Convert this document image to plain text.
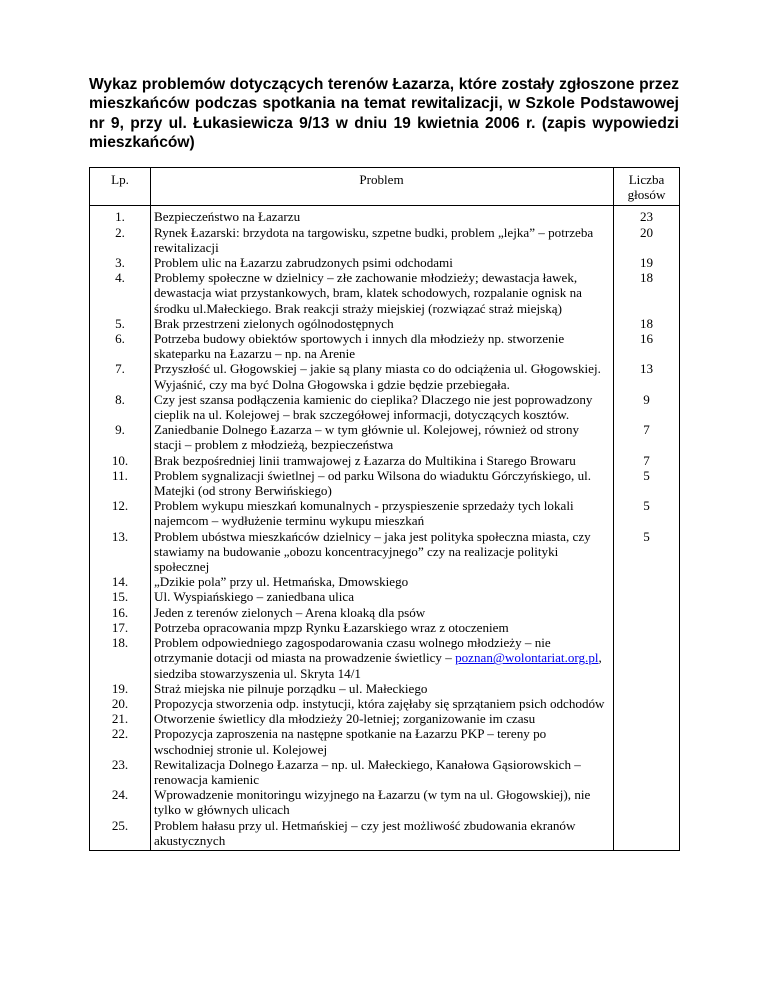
Wykaz problemów dotyczących terenów Łazarza, które zostały zgłoszone przez mieszkańców podczas spotkania na temat rewitalizacji, w Szkole Podstawowej nr 9, przy ul. Łukasiewicza 9/13 w dniu 19 kwietnia 2006 r. (zapis wypowiedzi mieszkańców)
Lp.	Problem	Liczba
głosów
1.	Bezpieczeństwo na Łazarzu	23
2.	Rynek Łazarski: brzydota na targowisku, szpetne budki, problem „lejka” – potrzeba rewitalizacji	20
3.	Problem ulic na Łazarzu zabrudzonych psimi odchodami	19
4.	Problemy społeczne w dzielnicy – złe zachowanie młodzieży; dewastacja ławek, dewastacja wiat przystankowych, bram, klatek schodowych, rozpalanie ognisk na środku ul.Małeckiego. Brak reakcji straży miejskiej (rozwiązać straż miejską)	18
5.	Brak przestrzeni zielonych ogólnodostępnych	18
6.	Potrzeba budowy obiektów sportowych i innych dla młodzieży np. stworzenie skateparku na Łazarzu – np. na Arenie	16
7.	Przyszłość ul. Głogowskiej – jakie są plany miasta co do odciążenia ul. Głogowskiej. Wyjaśnić, czy ma być Dolna Głogowska i gdzie będzie przebiegała.	13
8.	Czy jest szansa podłączenia kamienic do cieplika? Dlaczego nie jest poprowadzony cieplik na ul. Kolejowej – brak szczegółowej informacji, dotyczących kosztów.	9
9.	Zaniedbanie Dolnego Łazarza – w tym głównie ul. Kolejowej, również od strony stacji – problem z młodzieżą, bezpieczeństwa	7
10.	Brak bezpośredniej linii tramwajowej z Łazarza do Multikina i Starego Browaru	7
11.	Problem sygnalizacji świetlnej – od parku Wilsona do wiaduktu Górczyńskiego, ul. Matejki (od strony Berwińskiego)	5
12.	Problem wykupu mieszkań komunalnych - przyspieszenie sprzedaży tych lokali najemcom – wydłużenie terminu wykupu mieszkań	5
13.	Problem ubóstwa mieszkańców dzielnicy – jaka jest polityka społeczna miasta, czy stawiamy na budowanie „obozu koncentracyjnego” czy na realizacje polityki społecznej	5
14.	„Dzikie pola” przy ul. Hetmańska, Dmowskiego	
15.	Ul. Wyspiańskiego – zaniedbana ulica	
16.	Jeden z terenów zielonych – Arena kloaką dla psów	
17.	Potrzeba opracowania mpzp Rynku Łazarskiego wraz z otoczeniem	
18.	Problem odpowiedniego zagospodarowania czasu wolnego młodzieży – nie otrzymanie dotacji od miasta na prowadzenie świetlicy – poznan@wolontariat.org.pl, siedziba stowarzyszenia ul. Skryta 14/1	
19.	Straż miejska nie pilnuje porządku – ul. Małeckiego	
20.	Propozycja stworzenia odp. instytucji, która zajęłaby się sprzątaniem psich odchodów	
21.	Otworzenie świetlicy dla młodzieży 20-letniej; zorganizowanie im czasu	
22.	Propozycja zaproszenia na następne spotkanie na Łazarzu PKP – tereny po wschodniej stronie ul. Kolejowej	
23.	Rewitalizacja Dolnego Łazarza – np. ul. Małeckiego, Kanałowa Gąsiorowskich – renowacja kamienic	
24.	Wprowadzenie monitoringu wizyjnego na Łazarzu (w tym na ul. Głogowskiej), nie tylko w głównych ulicach	
25.	Problem hałasu przy ul. Hetmańskiej – czy jest możliwość zbudowania ekranów akustycznych	
